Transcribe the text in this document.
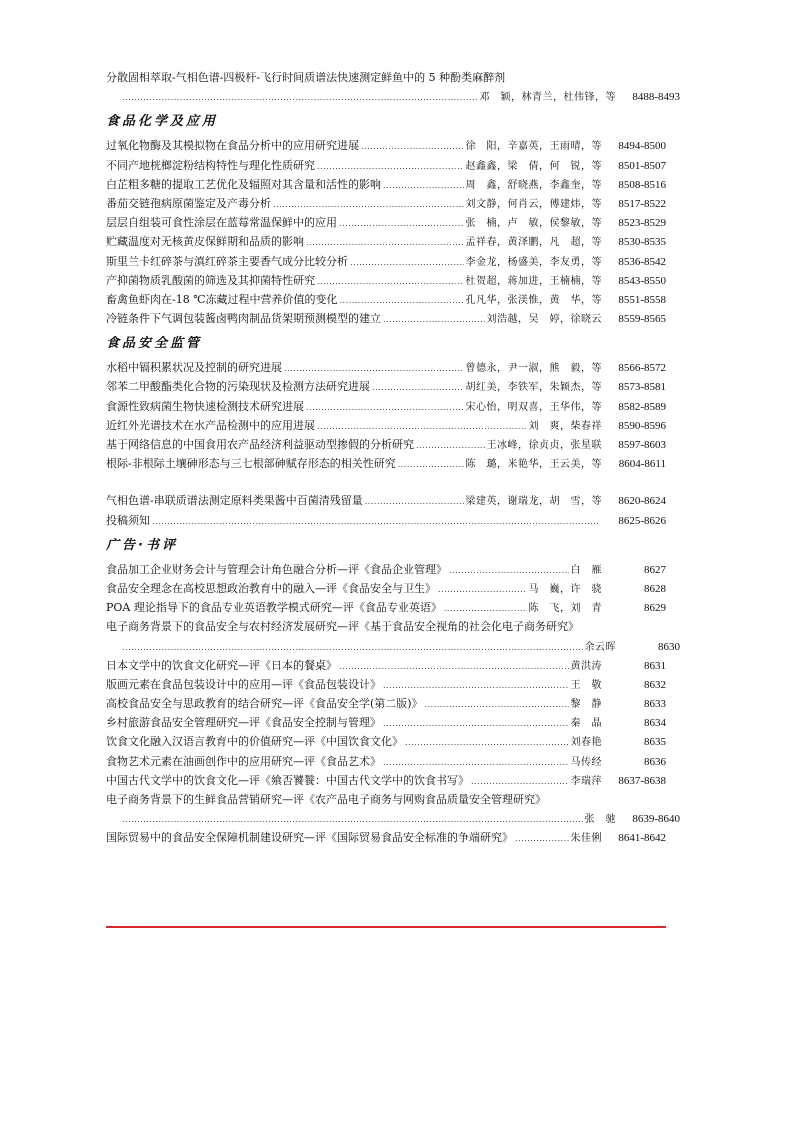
分散固相萃取-气相色谱-四极杆-飞行时间质谱法快速测定鲜鱼中的 5 种酚类麻醉剂
.....
邓　颖，林青兰，杜伟锋，等	8488-8493
食品化学及应用
过氧化物酶及其模拟物在食品分析中的应用研究进展 .....	徐　阳，辛嘉英，王雨晴，等	8494-8500
不同产地桄榔淀粉结构特性与理化性质研究 .....	赵鑫鑫，梁　倩，何　锐，等	8501-8507
白芷粗多糖的提取工艺优化及辐照对其含量和活性的影响 .....	周　鑫，舒晓燕，李鑫奎，等	8508-8516
番茄交链孢病原菌鉴定及产毒分析 .....	刘文静，何肖云，傅建炜，等	8517-8522
层层自组装可食性涂层在蓝莓常温保鲜中的应用 .....	张　楠，卢　敏，侯黎敏，等	8523-8529
贮藏温度对无核黄皮保鲜期和品质的影响 .....	孟祥春，黄泽鹏，凡　超，等	8530-8535
斯里兰卡红碎茶与滇红碎茶主要香气成分比较分析 .....	李金龙，杨盛美，李友勇，等	8536-8542
产抑菌物质乳酸菌的筛选及其抑菌特性研究 .....	杜贺超，蒋加进，王楠楠，等	8543-8550
畜禽鱼虾肉在-18 ℃冻藏过程中营养价值的变化 .....	孔凡华，张渼惟，黄　华，等	8551-8558
冷链条件下气调包装酱卤鸭肉制品货架期预测模型的建立 .....	刘浩越，吴　婷，徐晓云	8559-8565
食品安全监管
水稻中镉积累状况及控制的研究进展 .....	曾德永，尹一淑，熊　毅，等	8566-8572
邻苯二甲酸酯类化合物的污染现状及检测方法研究进展 .....	胡红美，李铁军，朱颖杰，等	8573-8581
食源性致病菌生物快速检测技术研究进展 .....	宋心怡，明双喜，王华伟，等	8582-8589
近红外光谱技术在水产品检测中的应用进展 .....	刘　爽，柴春祥	8590-8596
基于网络信息的中国食用农产品经济利益驱动型掺假的分析研究 .....	王冰峰，徐贞贞，张星联	8597-8603
根际-非根际土壤砷形态与三七根部砷赋存形态的相关性研究 .....	陈　璐，米艳华，王云美，等	8604-8611
气相色谱-串联质谱法测定原料类果酱中百菌清残留量 .....	梁建英，谢瑞龙，胡　雪，等	8620-8624
投稿须知 .....	8625-8626
广告·书评
食品加工企业财务会计与管理会计角色融合分析—评《食品企业管理》 .....	白　雁	8627
食品安全理念在高校思想政治教育中的融入—评《食品安全与卫生》 .....	马　巍，许　骁	8628
POA 理论指导下的食品专业英语教学模式研究—评《食品专业英语》 .....	陈　飞，刘　青	8629
电子商务背景下的食品安全与农村经济发展研究—评《基于食品安全视角的社会化电子商务研究》
.....
余云晖	8630
日本文学中的饮食文化研究—评《日本的餐桌》 .....	黄洪涛	8631
版画元素在食品包装设计中的应用—评《食品包装设计》 .....	王　敬	8632
高校食品安全与思政教育的结合研究—评《食品安全学(第二版)》 .....	黎　静	8633
乡村旅游食品安全管理研究—评《食品安全控制与管理》 .....	秦　晶	8634
饮食文化融入汉语言教育中的价值研究—评《中国饮食文化》 .....	刘春艳	8635
食物艺术元素在油画创作中的应用研究—评《食品艺术》 .....	马传经	8636
中国古代文学中的饮食文化—评《飨否饕餮：中国古代文学中的饮食书写》 .....	李瑞萍	8637-8638
电子商务背景下的生鲜食品营销研究—评《农产品电子商务与网购食品质量安全管理研究》
.....
张　驰	8639-8640
国际贸易中的食品安全保障机制建设研究—评《国际贸易食品安全标准的争端研究》 .....	朱佳俐	8641-8642
